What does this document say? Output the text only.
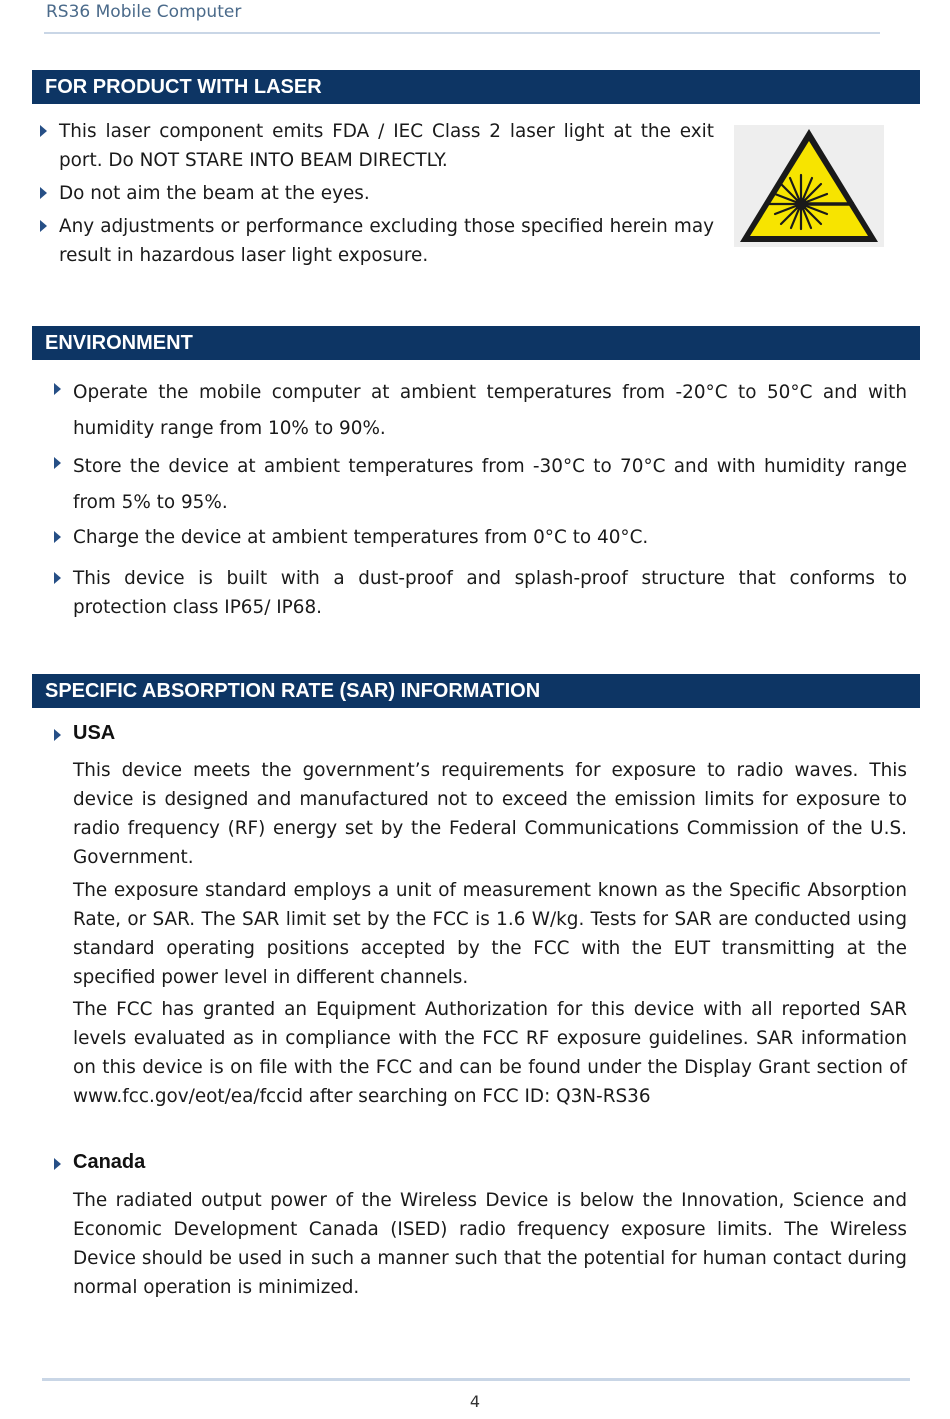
RS36 Mobile Computer
FOR PRODUCT WITH LASER
This laser component emits FDA / IEC Class 2 laser light at the exit port. Do NOT STARE INTO BEAM DIRECTLY.
Do not aim the beam at the eyes.
Any adjustments or performance excluding those specified herein may result in hazardous laser light exposure.
ENVIRONMENT
Operate the mobile computer at ambient temperatures from -20°C to 50°C and with humidity range from 10% to 90%.
Store the device at ambient temperatures from -30°C to 70°C and with humidity range from 5% to 95%.
Charge the device at ambient temperatures from 0°C to 40°C.
This device is built with a dust-proof and splash-proof structure that conforms to protection class IP65/ IP68.
SPECIFIC ABSORPTION RATE (SAR) INFORMATION
USA
This device meets the government’s requirements for exposure to radio waves. This device is designed and manufactured not to exceed the emission limits for exposure to radio frequency (RF) energy set by the Federal Communications Commission of the U.S. Government.
The exposure standard employs a unit of measurement known as the Specific Absorption Rate, or SAR. The SAR limit set by the FCC is 1.6 W/kg. Tests for SAR are conducted using standard operating positions accepted by the FCC with the EUT transmitting at the specified power level in different channels.
The FCC has granted an Equipment Authorization for this device with all reported SAR levels evaluated as in compliance with the FCC RF exposure guidelines. SAR information on this device is on file with the FCC and can be found under the Display Grant section of www.fcc.gov/eot/ea/fccid after searching on FCC ID: Q3N-RS36
Canada
The radiated output power of the Wireless Device is below the Innovation, Science and Economic Development Canada (ISED) radio frequency exposure limits. The Wireless Device should be used in such a manner such that the potential for human contact during normal operation is minimized.
4
